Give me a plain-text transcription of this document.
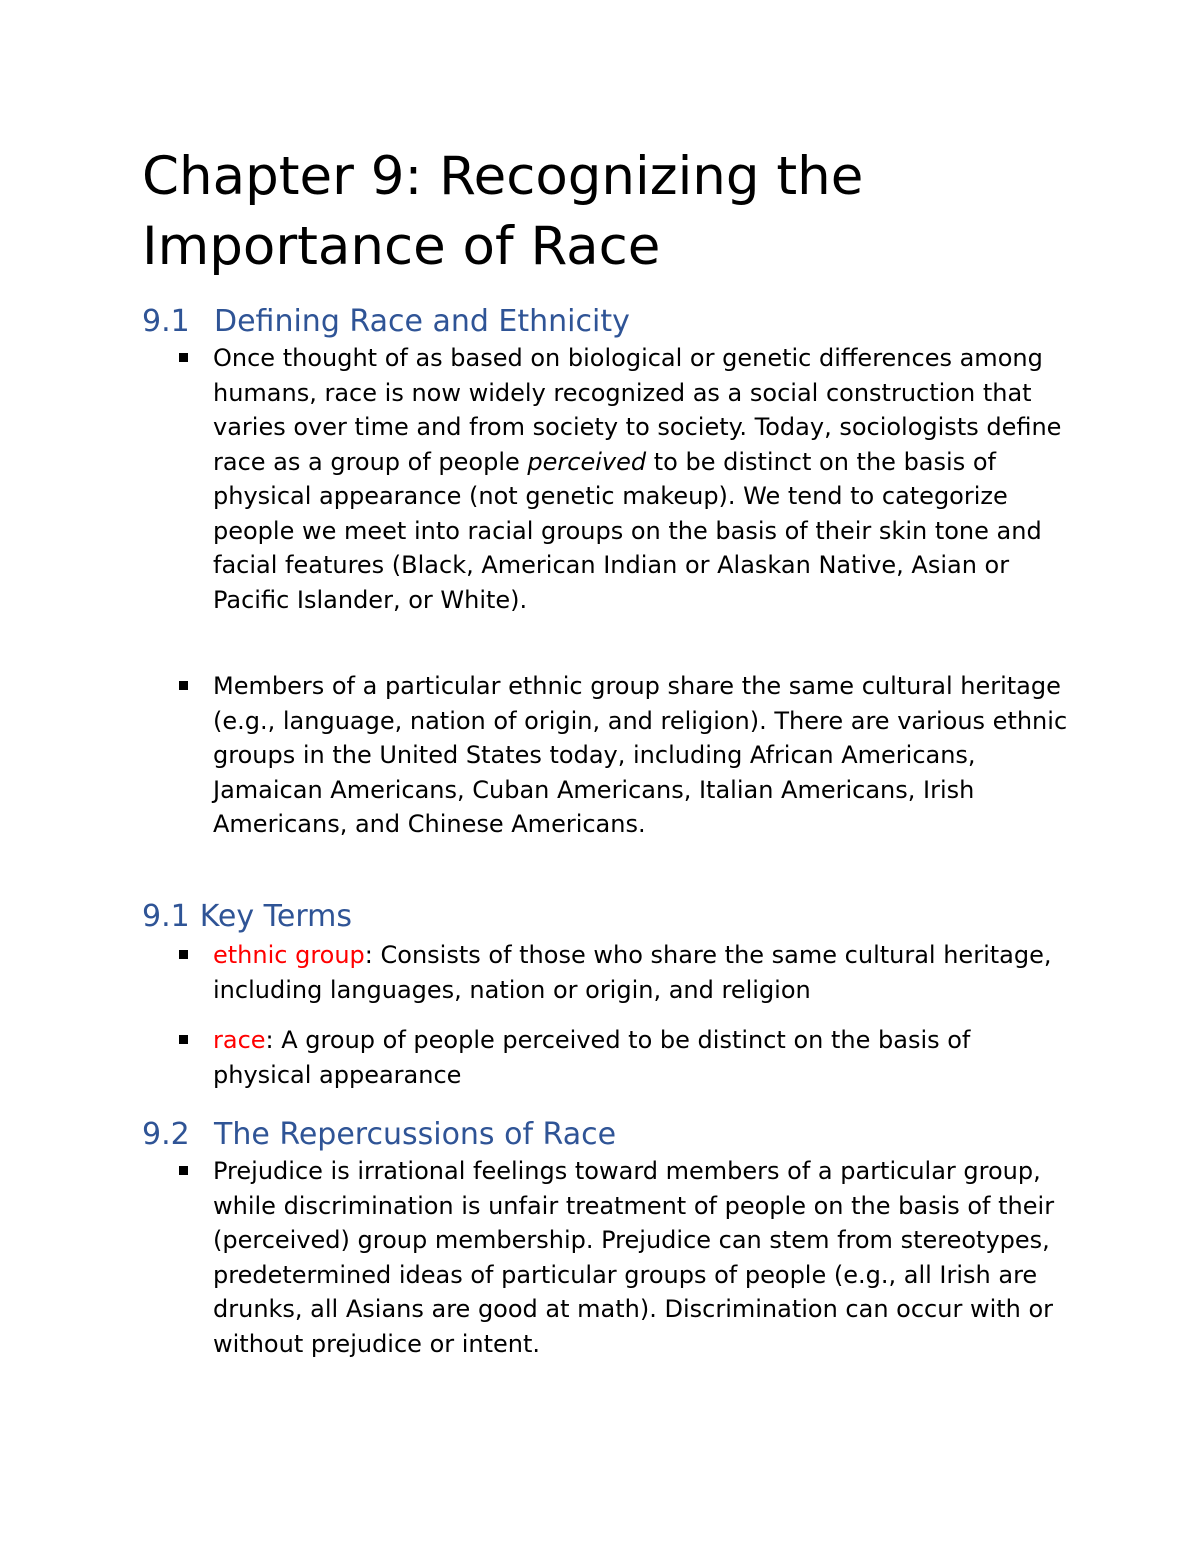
Chapter 9: Recognizing the Importance of Race
9.1 Defining Race and Ethnicity
Once thought of as based on biological or genetic differences among humans, race is now widely recognized as a social construction that varies over time and from society to society. Today, sociologists define race as a group of people perceived to be distinct on the basis of physical appearance (not genetic makeup). We tend to categorize people we meet into racial groups on the basis of their skin tone and facial features (Black, American Indian or Alaskan Native, Asian or Pacific Islander, or White).
Members of a particular ethnic group share the same cultural heritage (e.g., language, nation of origin, and religion). There are various ethnic groups in the United States today, including African Americans, Jamaican Americans, Cuban Americans, Italian Americans, Irish Americans, and Chinese Americans.
9.1 Key Terms
ethnic group: Consists of those who share the same cultural heritage, including languages, nation or origin, and religion
race: A group of people perceived to be distinct on the basis of physical appearance
9.2 The Repercussions of Race
Prejudice is irrational feelings toward members of a particular group, while discrimination is unfair treatment of people on the basis of their (perceived) group membership. Prejudice can stem from stereotypes, predetermined ideas of particular groups of people (e.g., all Irish are drunks, all Asians are good at math). Discrimination can occur with or without prejudice or intent.
